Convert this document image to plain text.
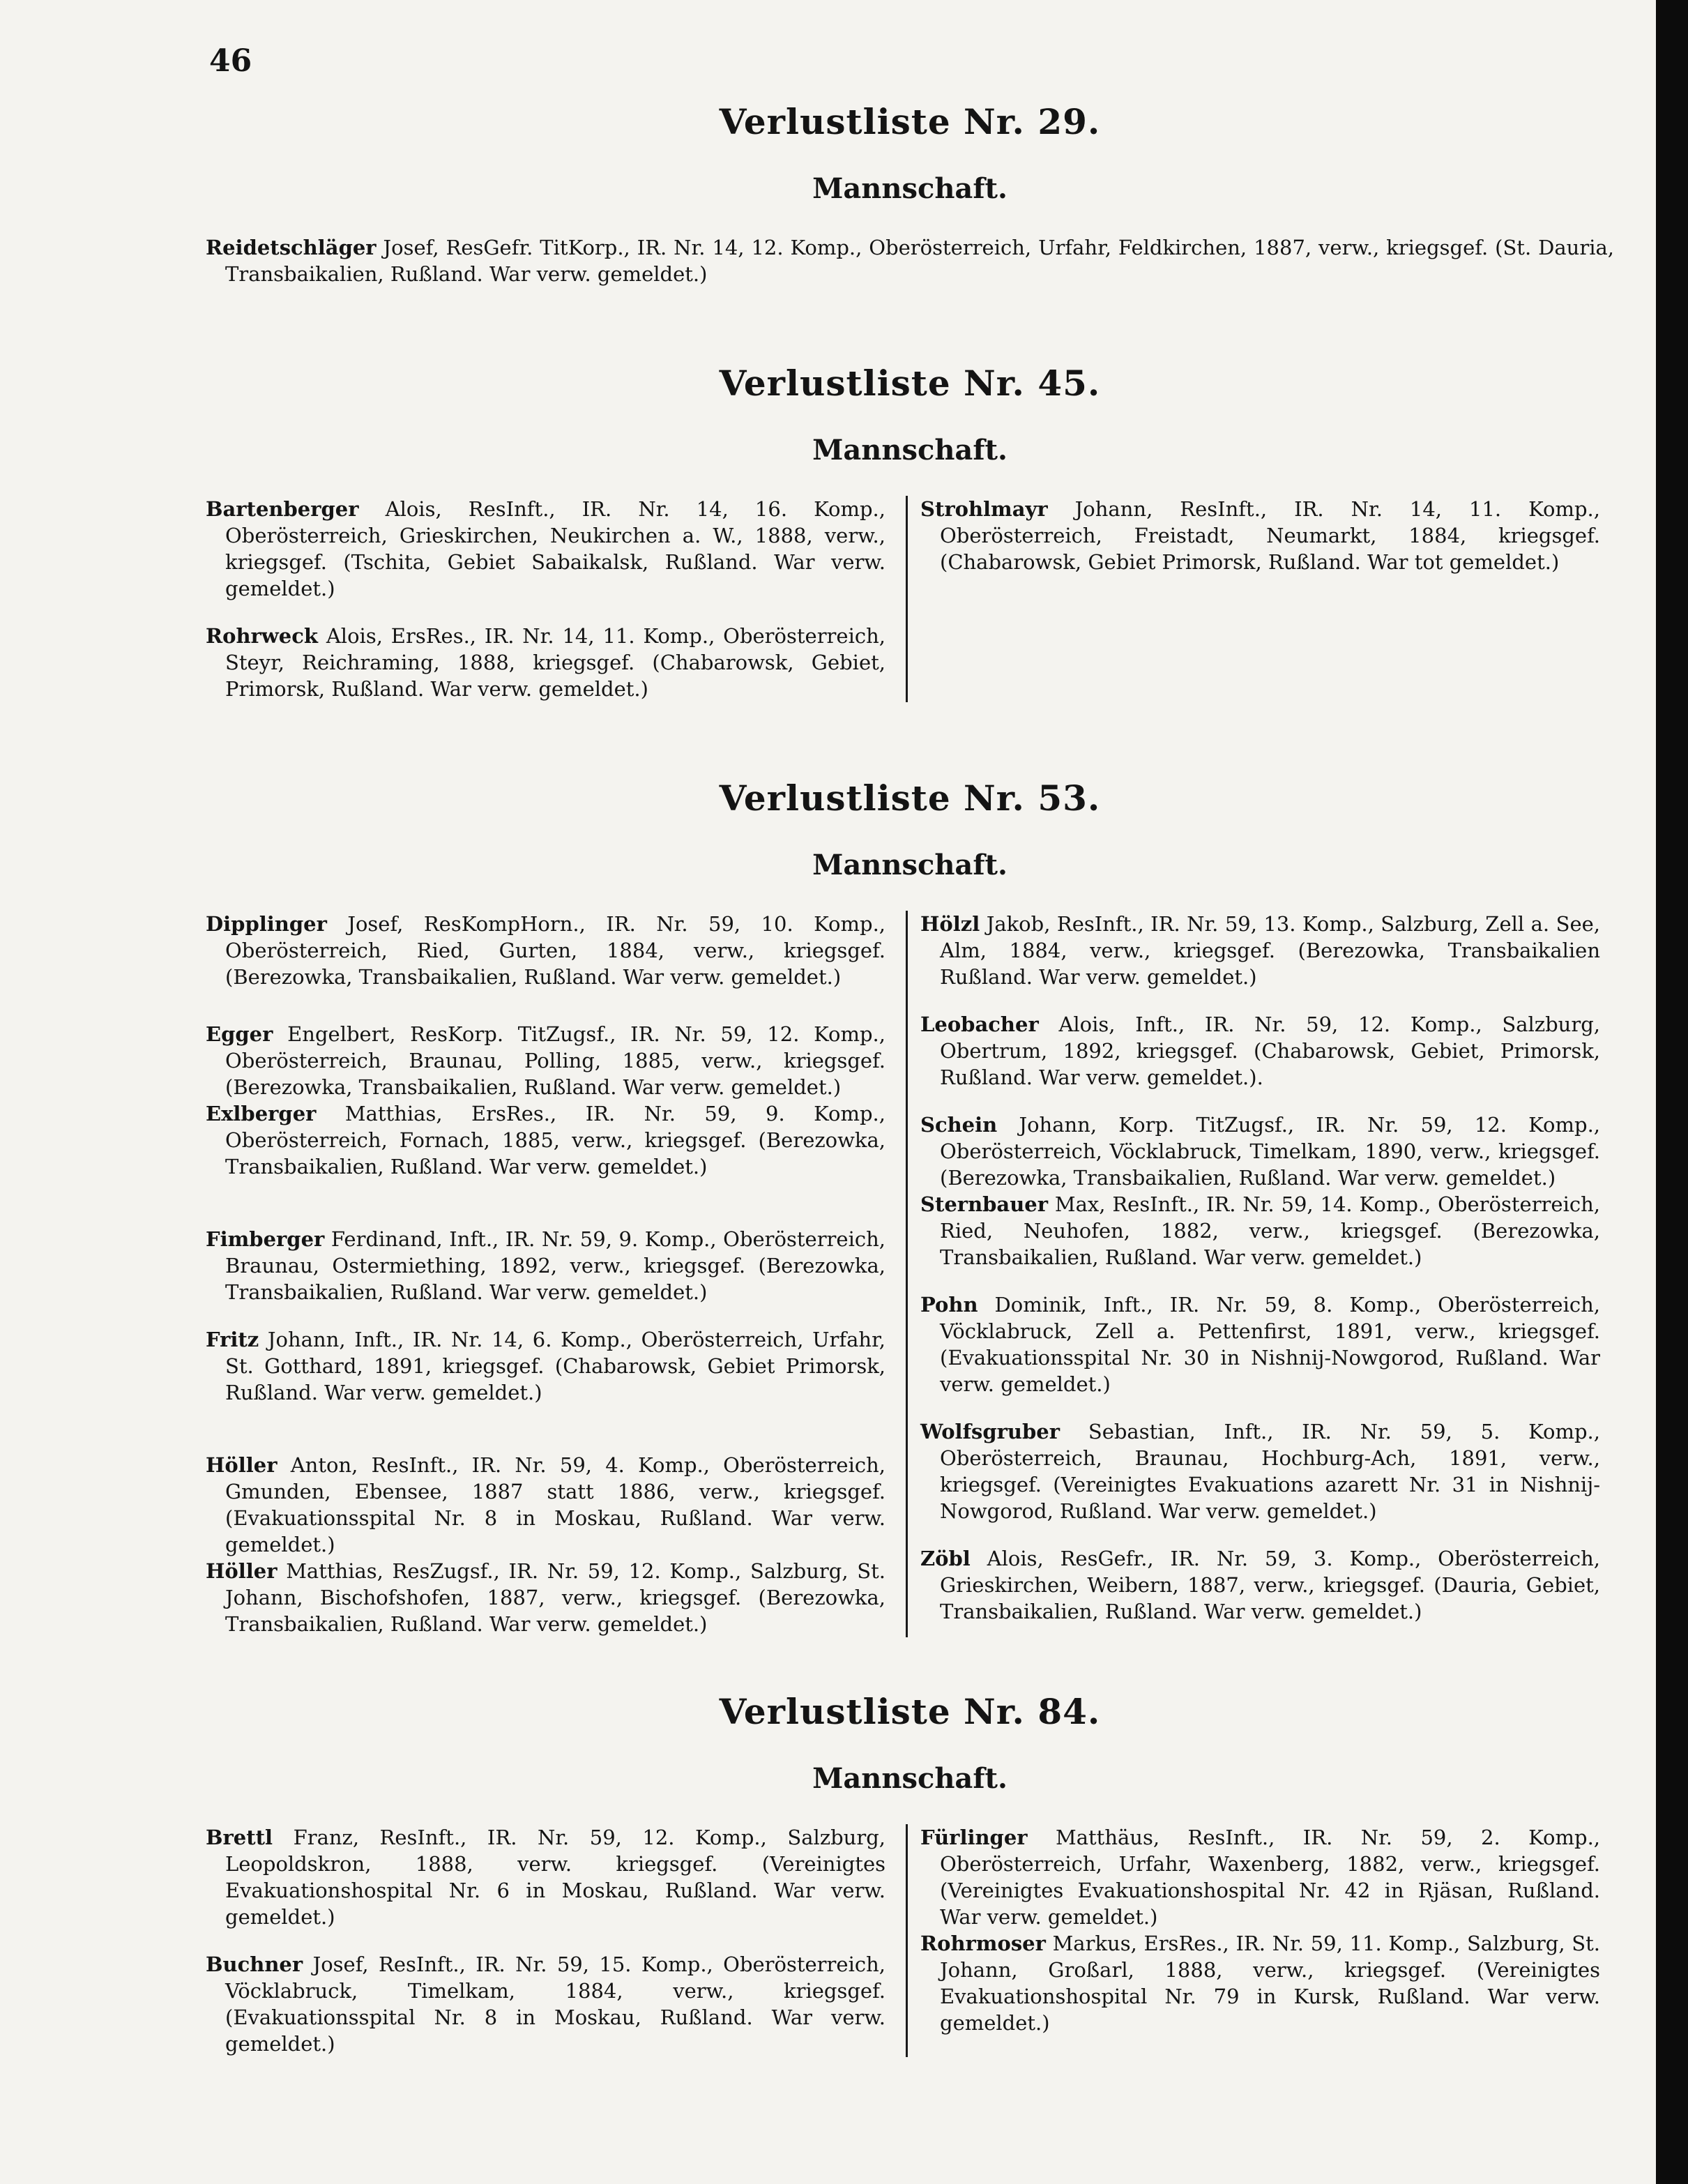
46
Verlustliste Nr. 29.
Mannschaft.

Reidetschläger Josef, ResGefr. TitKorp., IR. Nr. 14, 12. Komp., Oberösterreich, Urfahr, Feldkirchen, 1887, verw., kriegsgef. (St. Dauria, Transbaikalien, Rußland. War verw. gemeldet.)

Verlustliste Nr. 45.
Mannschaft.

Bartenberger Alois, ResInft., IR. Nr. 14, 16. Komp., Oberösterreich, Grieskirchen, Neukirchen a. W., 1888, verw., kriegsgef. (Tschita, Gebiet Sabaikalsk, Rußland. War verw. gemeldet.)

Rohrweck Alois, ErsRes., IR. Nr. 14, 11. Komp., Oberösterreich, Steyr, Reichraming, 1888, kriegsgef. (Chabarowsk, Gebiet, Primorsk, Rußland. War verw. gemeldet.)

Strohlmayr Johann, ResInft., IR. Nr. 14, 11. Komp., Oberösterreich, Freistadt, Neumarkt, 1884, kriegsgef. (Chabarowsk, Gebiet Primorsk, Rußland. War tot gemeldet.)

Verlustliste Nr. 53.
Mannschaft.

Dipplinger Josef, ResKompHorn., IR. Nr. 59, 10. Komp., Oberösterreich, Ried, Gurten, 1884, verw., kriegsgef. (Berezowka, Transbaikalien, Rußland. War verw. gemeldet.)

Egger Engelbert, ResKorp. TitZugsf., IR. Nr. 59, 12. Komp., Oberösterreich, Braunau, Polling, 1885, verw., kriegsgef. (Berezowka, Transbaikalien, Rußland. War verw. gemeldet.)

Exlberger Matthias, ErsRes., IR. Nr. 59, 9. Komp., Oberösterreich, Fornach, 1885, verw., kriegsgef. (Berezowka, Transbaikalien, Rußland. War verw. gemeldet.)

Fimberger Ferdinand, Inft., IR. Nr. 59, 9. Komp., Oberösterreich, Braunau, Ostermiething, 1892, verw., kriegsgef. (Berezowka, Transbaikalien, Rußland. War verw. gemeldet.)

Fritz Johann, Inft., IR. Nr. 14, 6. Komp., Oberösterreich, Urfahr, St. Gotthard, 1891, kriegsgef. (Chabarowsk, Gebiet Primorsk, Rußland. War verw. gemeldet.)

Höller Anton, ResInft., IR. Nr. 59, 4. Komp., Oberösterreich, Gmunden, Ebensee, 1887 statt 1886, verw., kriegsgef. (Evakuationsspital Nr. 8 in Moskau, Rußland. War verw. gemeldet.)

Höller Matthias, ResZugsf., IR. Nr. 59, 12. Komp., Salzburg, St. Johann, Bischofshofen, 1887, verw., kriegsgef. (Berezowka, Transbaikalien, Rußland. War verw. gemeldet.)

Hölzl Jakob, ResInft., IR. Nr. 59, 13. Komp., Salzburg, Zell a. See, Alm, 1884, verw., kriegsgef. (Berezowka, Transbaikalien Rußland. War verw. gemeldet.)

Leobacher Alois, Inft., IR. Nr. 59, 12. Komp., Salzburg, Obertrum, 1892, kriegsgef. (Chabarowsk, Gebiet, Primorsk, Rußland. War verw. gemeldet.).

Schein Johann, Korp. TitZugsf., IR. Nr. 59, 12. Komp., Oberösterreich, Vöcklabruck, Timelkam, 1890, verw., kriegsgef. (Berezowka, Transbaikalien, Rußland. War verw. gemeldet.)

Sternbauer Max, ResInft., IR. Nr. 59, 14. Komp., Oberösterreich, Ried, Neuhofen, 1882, verw., kriegsgef. (Berezowka, Transbaikalien, Rußland. War verw. gemeldet.)

Pohn Dominik, Inft., IR. Nr. 59, 8. Komp., Oberösterreich, Vöcklabruck, Zell a. Pettenfirst, 1891, verw., kriegsgef. (Evakuationsspital Nr. 30 in Nishnij-Nowgorod, Rußland. War verw. gemeldet.)

Wolfsgruber Sebastian, Inft., IR. Nr. 59, 5. Komp., Oberösterreich, Braunau, Hochburg-Ach, 1891, verw., kriegsgef. (Vereinigtes Evakuations azarett Nr. 31 in Nishnij-Nowgorod, Rußland. War verw. gemeldet.)

Zöbl Alois, ResGefr., IR. Nr. 59, 3. Komp., Oberösterreich, Grieskirchen, Weibern, 1887, verw., kriegsgef. (Dauria, Gebiet, Transbaikalien, Rußland. War verw. gemeldet.)

Verlustliste Nr. 84.
Mannschaft.

Brettl Franz, ResInft., IR. Nr. 59, 12. Komp., Salzburg, Leopoldskron, 1888, verw. kriegsgef. (Vereinigtes Evakuationshospital Nr. 6 in Moskau, Rußland. War verw. gemeldet.)

Buchner Josef, ResInft., IR. Nr. 59, 15. Komp., Oberösterreich, Vöcklabruck, Timelkam, 1884, verw., kriegsgef. (Evakuationsspital Nr. 8 in Moskau, Rußland. War verw. gemeldet.)

Fürlinger Matthäus, ResInft., IR. Nr. 59, 2. Komp., Oberösterreich, Urfahr, Waxenberg, 1882, verw., kriegsgef. (Vereinigtes Evakuationshospital Nr. 42 in Rjäsan, Rußland. War verw. gemeldet.)

Rohrmoser Markus, ErsRes., IR. Nr. 59, 11. Komp., Salzburg, St. Johann, Großarl, 1888, verw., kriegsgef. (Vereinigtes Evakuationshospital Nr. 79 in Kursk, Rußland. War verw. gemeldet.)
